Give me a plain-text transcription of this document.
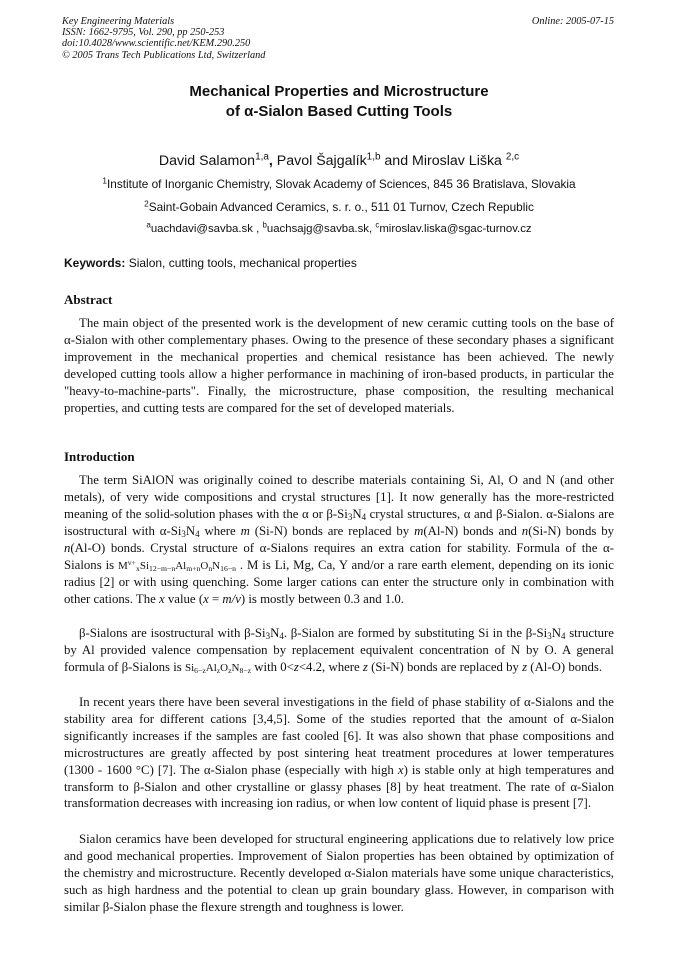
Key Engineering Materials
ISSN: 1662-9795, Vol. 290, pp 250-253
doi:10.4028/www.scientific.net/KEM.290.250
© 2005 Trans Tech Publications Ltd, Switzerland
Online: 2005-07-15
Mechanical Properties and Microstructure
of α-Sialon Based Cutting Tools
David Salamon$^{1,a}$, Pavol Šajgalík$^{1,b}$ and Miroslav Liška $^{2,c}$
$^1$Institute of Inorganic Chemistry, Slovak Academy of Sciences, 845 36 Bratislava, Slovakia
$^2$Saint-Gobain Advanced Ceramics, s. r. o., 511 01 Turnov, Czech Republic
$^a$uachdavi@savba.sk , $^b$uachsajg@savba.sk, $^c$miroslav.liska@sgac-turnov.cz
Keywords: Sialon, cutting tools, mechanical properties
Abstract
The main object of the presented work is the development of new ceramic cutting tools on the base of α-Sialon with other complementary phases. Owing to the presence of these secondary phases a significant improvement in the mechanical properties and chemical resistance has been achieved. The newly developed cutting tools allow a higher performance in machining of iron-based products, in particular the "heavy-to-machine-parts". Finally, the microstructure, phase composition, the resulting mechanical properties, and cutting tests are compared for the set of developed materials.
Introduction
The term SiAlON was originally coined to describe materials containing Si, Al, O and N (and other metals), of very wide compositions and crystal structures [1]. It now generally has the more-restricted meaning of the solid-solution phases with the α or $\beta-Si_3N_4$ crystal structures, α and β-Sialon. α-Sialons are isostructural with $\alpha-Si_3N_4$ where m (Si-N) bonds are replaced by m(Al-N) bonds and n(Si-N) bonds by n(Al-O) bonds. Crystal structure of α-Sialons requires an extra cation for stability. Formula of the α-Sialons is $M^{v+}_xSi_{12-m-n}Al_{m+n}O_nN_{16-n}$ . M is Li, Mg, Ca, Y and/or a rare earth element, depending on its ionic radius [2] or with using quenching. Some larger cations can enter the structure only in combination with other cations. The x value (x = m/v) is mostly between 0.3 and 1.0.
β-Sialons are isostructural with $\beta-Si_3N_4$. β-Sialon are formed by substituting Si in the $\beta-Si_3N_4$ structure by Al provided valence compensation by replacement equivalent concentration of N by O. A general formula of β-Sialons is $Si_{6-z}Al_zO_zN_{8-z}$ with 0<z<4.2, where z (Si-N) bonds are replaced by z (Al-O) bonds.
In recent years there have been several investigations in the field of phase stability of α-Sialons and the stability area for different cations [3,4,5]. Some of the studies reported that the amount of α-Sialon significantly increases if the samples are fast cooled [6]. It was also shown that phase compositions and microstructures are greatly affected by post sintering heat treatment procedures at lower temperatures (1300 - 1600 °C) [7]. The α-Sialon phase (especially with high x) is stable only at high temperatures and transform to β-Sialon and other crystalline or glassy phases [8] by heat treatment. The rate of α-Sialon transformation decreases with increasing ion radius, or when low content of liquid phase is present [7].
Sialon ceramics have been developed for structural engineering applications due to relatively low price and good mechanical properties. Improvement of Sialon properties has been obtained by optimization of the chemistry and microstructure. Recently developed α-Sialon materials have some unique characteristics, such as high hardness and the potential to clean up grain boundary glass. However, in comparison with similar β-Sialon phase the flexure strength and toughness is lower.
